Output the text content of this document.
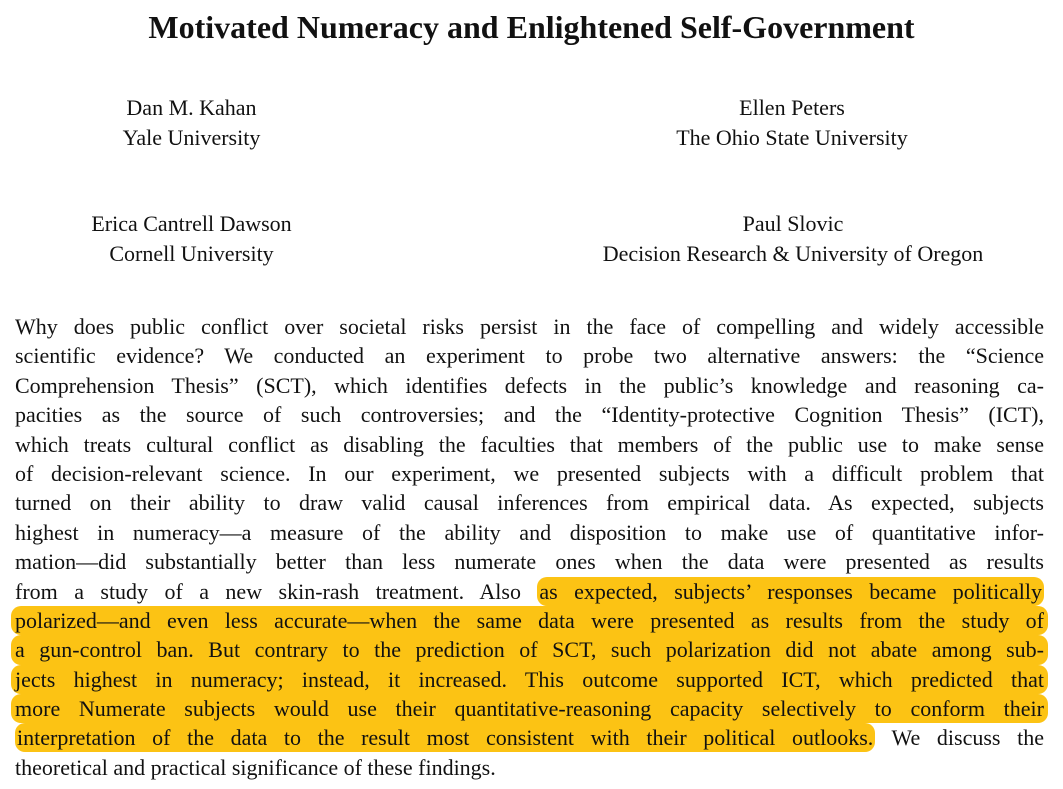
Motivated Numeracy and Enlightened Self-Government
Dan M. Kahan
Yale University
Ellen Peters
The Ohio State University
Erica Cantrell Dawson
Cornell University
Paul Slovic
Decision Research & University of Oregon
Why does public conflict over societal risks persist in the face of compelling and widely accessible
scientific evidence? We conducted an experiment to probe two alternative answers: the “Science
Comprehension Thesis” (SCT), which identifies defects in the public’s knowledge and reasoning ca-
pacities as the source of such controversies; and the “Identity-protective Cognition Thesis” (ICT),
which treats cultural conflict as disabling the faculties that members of the public use to make sense
of decision-relevant science. In our experiment, we presented subjects with a difficult problem that
turned on their ability to draw valid causal inferences from empirical data. As expected, subjects
highest in numeracy—a measure of the ability and disposition to make use of quantitative infor-
mation—did substantially better than less numerate ones when the data were presented as results
from a study of a new skin-rash treatment. Also as expected, subjects’ responses became politically
polarized—and even less accurate—when the same data were presented as results from the study of
a gun-control ban. But contrary to the prediction of SCT, such polarization did not abate among sub-
jects highest in numeracy; instead, it increased. This outcome supported ICT, which predicted that
more Numerate subjects would use their quantitative-reasoning capacity selectively to conform their
interpretation of the data to the result most consistent with their political outlooks. We discuss the
theoretical and practical significance of these findings.
